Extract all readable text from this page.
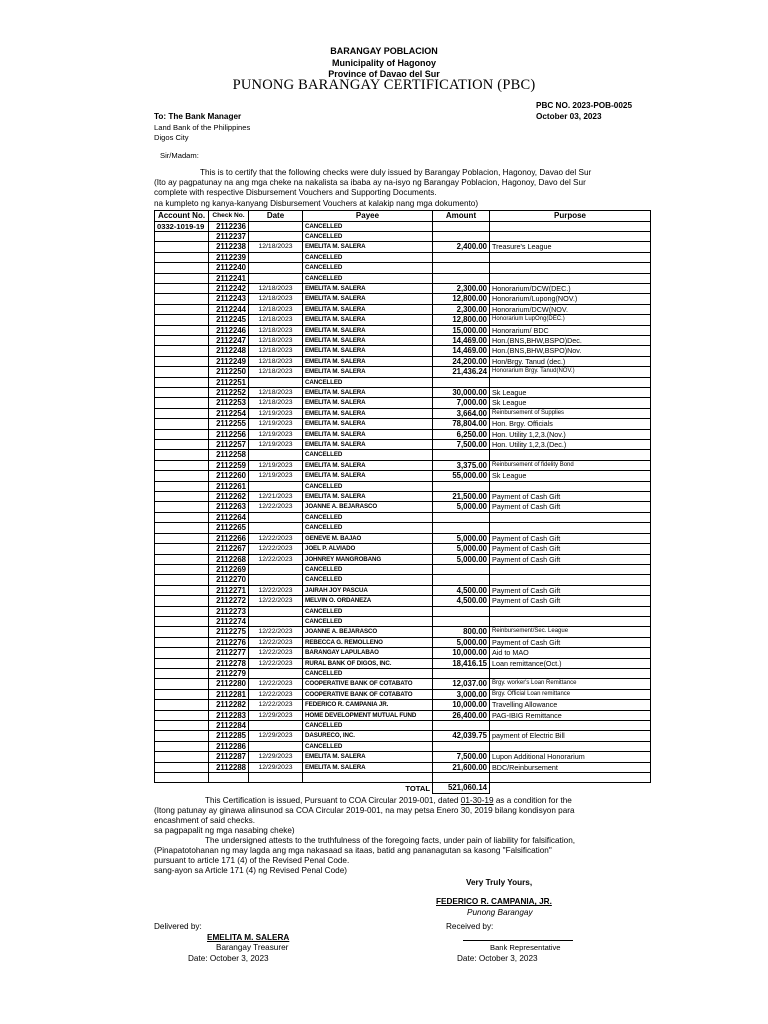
BARANGAY POBLACION
Municipality of Hagonoy
Province of Davao del Sur
PUNONG BARANGAY CERTIFICATION (PBC)
PBC NO. 2023-POB-0025
October 03, 2023
To: The Bank Manager
Land Bank of the Philippines
Digos City
Sir/Madam:
This is to certify that the following checks were duly issued by Barangay Poblacion, Hagonoy, Davao del Sur
(Ito ay pagpatunay na ang mga cheke na nakalista sa ibaba ay na-isyo ng Barangay Poblacion, Hagonoy, Davo del Sur
complete with respective Disbursement Vouchers and Supporting Documents.
na kumpleto ng kanya-kanyang Disbursement Vouchers at kalakip nang mga dokumento)
Account No.	Check No.	Date	Payee	Amount	Purpose
0332-1019-19	2112236		CANCELLED		
	2112237		CANCELLED		
	2112238	12/18/2023	EMELITA M. SALERA	2,400.00	Treasure's League
	2112239		CANCELLED		
	2112240		CANCELLED		
	2112241		CANCELLED		
	2112242	12/18/2023	EMELITA M. SALERA	2,300.00	Honorarium/DCW(DEC.)
	2112243	12/18/2023	EMELITA M. SALERA	12,800.00	Honorarium/Lupong(NOV.)
	2112244	12/18/2023	EMELITA M. SALERA	2,300.00	Honorarium/DCW(NOV.
	2112245	12/18/2023	EMELITA M. SALERA	12,800.00	Honorarium LupOng(DEC.)
	2112246	12/18/2023	EMELITA M. SALERA	15,000.00	Honorarium/ BDC
	2112247	12/18/2023	EMELITA M. SALERA	14,469.00	Hon.(BNS,BHW,BSPO)Dec.
	2112248	12/18/2023	EMELITA M. SALERA	14,469.00	Hon.(BNS,BHW,BSPO)Nov.
	2112249	12/18/2023	EMELITA M. SALERA	24,200.00	Hon/Brgy. Tanud (dec.)
	2112250	12/18/2023	EMELITA M. SALERA	21,436.24	Honorarium Brgy. Tanud(NOV.)
	2112251		CANCELLED		
	2112252	12/18/2023	EMELITA M. SALERA	30,000.00	Sk League
	2112253	12/18/2023	EMELITA M. SALERA	7,000.00	Sk League
	2112254	12/19/2023	EMELITA M. SALERA	3,664.00	Reinbursement of Supplies
	2112255	12/19/2023	EMELITA M. SALERA	78,804.00	Hon. Brgy. Officials
	2112256	12/19/2023	EMELITA M. SALERA	6,250.00	Hon. Utility 1,2,3.(Nov.)
	2112257	12/19/2023	EMELITA M. SALERA	7,500.00	Hon. Utility 1,2,3.(Dec.)
	2112258		CANCELLED		
	2112259	12/19/2023	EMELITA M. SALERA	3,375.00	Reinbursement of fidelity Bond
	2112260	12/19/2023	EMELITA M. SALERA	55,000.00	Sk League
	2112261		CANCELLED		
	2112262	12/21/2023	EMELITA M. SALERA	21,500.00	Payment of Cash Gift
	2112263	12/22/2023	JOANNE A. BEJARASCO	5,000.00	Payment of Cash Gift
	2112264		CANCELLED		
	2112265		CANCELLED		
	2112266	12/22/2023	GENEVE M. BAJAO	5,000.00	Payment of Cash Gift
	2112267	12/22/2023	JOEL P. ALVIADO	5,000.00	Payment of Cash Gift
	2112268	12/22/2023	JOHNREY MANGROBANG	5,000.00	Payment of Cash Gift
	2112269		CANCELLED		
	2112270		CANCELLED		
	2112271	12/22/2023	JAIRAH JOY PASCUA	4,500.00	Payment of Cash Gift
	2112272	12/22/2023	MELVIN O. ORDANEZA	4,500.00	Payment of Cash Gift
	2112273		CANCELLED		
	2112274		CANCELLED		
	2112275	12/22/2023	JOANNE A. BEJARASCO	800.00	Reinbursement/Sec. League
	2112276	12/22/2023	REBECCA G. REMOLLENO	5,000.00	Payment of Cash Gift
	2112277	12/22/2023	BARANGAY LAPULABAO	10,000.00	Aid to MAO
	2112278	12/22/2023	RURAL BANK OF DIGOS, INC.	18,416.15	Loan remittance(Oct.)
	2112279		CANCELLED		
	2112280	12/22/2023	COOPERATIVE BANK OF COTABATO	12,037.00	Brgy. worker's Loan Remittance
	2112281	12/22/2023	COOPERATIVE BANK OF COTABATO	3,000.00	Brgy. Official Loan remittance
	2112282	12/22/2023	FEDERICO R. CAMPANIA JR.	10,000.00	Travelling Allowance
	2112283	12/29/2023	HOME DEVELOPMENT MUTUAL FUND	26,400.00	PAG-IBIG Remittance
	2112284		CANCELLED		
	2112285	12/29/2023	DASURECO, INC.	42,039.75	payment of Electric Bill
	2112286		CANCELLED		
	2112287	12/29/2023	EMELITA M. SALERA	7,500.00	Lupon Additional Honorarium
	2112288	12/29/2023	EMELITA M. SALERA	21,600.00	BDC/Reinbursement

			TOTAL	521,060.14	
This Certification is issued, Pursuant to COA Circular 2019-001, dated 01-30-19 as a condition for the
(Itong patunay ay ginawa alinsunod sa COA Circular 2019-001, na may petsa Enero 30, 2019 bilang kondisyon para
encashment of said checks.
sa pagpapalit ng mga nasabing cheke)
The undersigned attests to the truthfulness of the foregoing facts, under pain of liability for falsification,
(Pinapatotohanan ng may lagda ang mga nakasaad sa itaas, batid ang pananagutan sa kasong "Falsification"
pursuant to article 171 (4) of the Revised Penal Code.
sang-ayon sa Article 171 (4) ng Revised Penal Code)
Very Truly Yours,
FEDERICO R. CAMPANIA, JR.
Punong Barangay
Delivered by:	Received by:
EMELITA M. SALERA
Barangay Treasurer
Date: October 3, 2023
Bank Representative
Date: October 3, 2023
